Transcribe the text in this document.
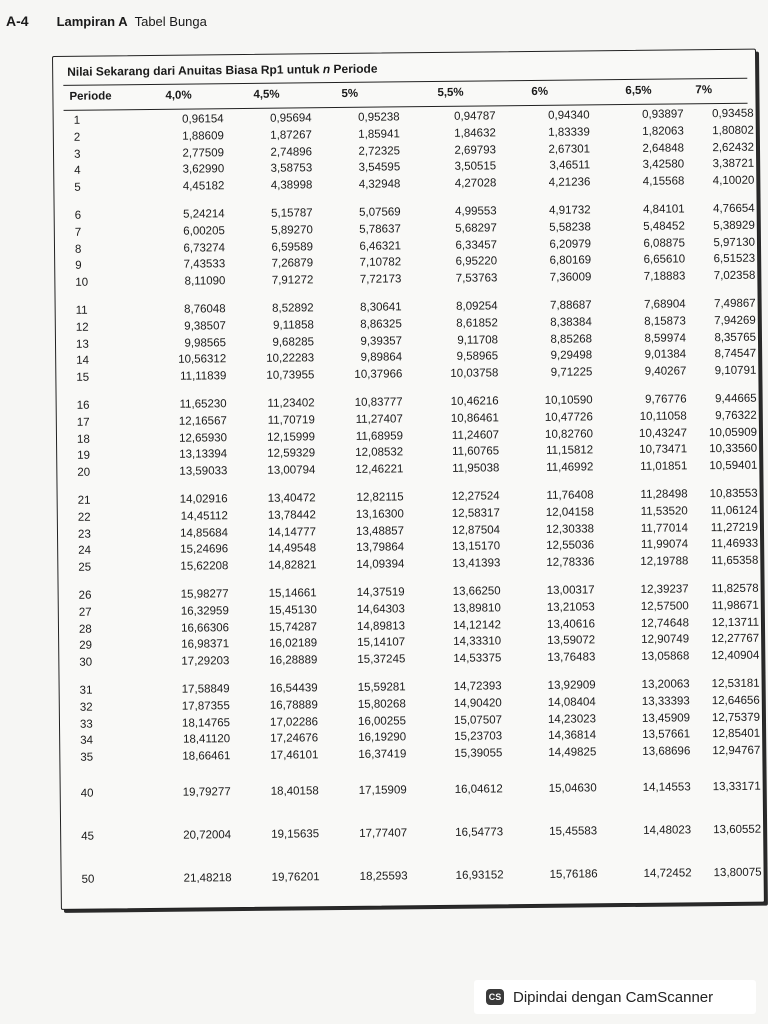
A-4 Lampiran A Tabel Bunga
Nilai Sekarang dari Anuitas Biasa Rp1 untuk n Periode
Periode	4,0%	4,5%	5%	5,5%	6%	6,5%	7%
1	0,96154	0,95694	0,95238	0,94787	0,94340	0,93897	0,93458
2	1,88609	1,87267	1,85941	1,84632	1,83339	1,82063	1,80802
3	2,77509	2,74896	2,72325	2,69793	2,67301	2,64848	2,62432
4	3,62990	3,58753	3,54595	3,50515	3,46511	3,42580	3,38721
5	4,45182	4,38998	4,32948	4,27028	4,21236	4,15568	4,10020
6	5,24214	5,15787	5,07569	4,99553	4,91732	4,84101	4,76654
7	6,00205	5,89270	5,78637	5,68297	5,58238	5,48452	5,38929
8	6,73274	6,59589	6,46321	6,33457	6,20979	6,08875	5,97130
9	7,43533	7,26879	7,10782	6,95220	6,80169	6,65610	6,51523
10	8,11090	7,91272	7,72173	7,53763	7,36009	7,18883	7,02358
11	8,76048	8,52892	8,30641	8,09254	7,88687	7,68904	7,49867
12	9,38507	9,11858	8,86325	8,61852	8,38384	8,15873	7,94269
13	9,98565	9,68285	9,39357	9,11708	8,85268	8,59974	8,35765
14	10,56312	10,22283	9,89864	9,58965	9,29498	9,01384	8,74547
15	11,11839	10,73955	10,37966	10,03758	9,71225	9,40267	9,10791
16	11,65230	11,23402	10,83777	10,46216	10,10590	9,76776	9,44665
17	12,16567	11,70719	11,27407	10,86461	10,47726	10,11058	9,76322
18	12,65930	12,15999	11,68959	11,24607	10,82760	10,43247	10,05909
19	13,13394	12,59329	12,08532	11,60765	11,15812	10,73471	10,33560
20	13,59033	13,00794	12,46221	11,95038	11,46992	11,01851	10,59401
21	14,02916	13,40472	12,82115	12,27524	11,76408	11,28498	10,83553
22	14,45112	13,78442	13,16300	12,58317	12,04158	11,53520	11,06124
23	14,85684	14,14777	13,48857	12,87504	12,30338	11,77014	11,27219
24	15,24696	14,49548	13,79864	13,15170	12,55036	11,99074	11,46933
25	15,62208	14,82821	14,09394	13,41393	12,78336	12,19788	11,65358
26	15,98277	15,14661	14,37519	13,66250	13,00317	12,39237	11,82578
27	16,32959	15,45130	14,64303	13,89810	13,21053	12,57500	11,98671
28	16,66306	15,74287	14,89813	14,12142	13,40616	12,74648	12,13711
29	16,98371	16,02189	15,14107	14,33310	13,59072	12,90749	12,27767
30	17,29203	16,28889	15,37245	14,53375	13,76483	13,05868	12,40904
31	17,58849	16,54439	15,59281	14,72393	13,92909	13,20063	12,53181
32	17,87355	16,78889	15,80268	14,90420	14,08404	13,33393	12,64656
33	18,14765	17,02286	16,00255	15,07507	14,23023	13,45909	12,75379
34	18,41120	17,24676	16,19290	15,23703	14,36814	13,57661	12,85401
35	18,66461	17,46101	16,37419	15,39055	14,49825	13,68696	12,94767
40	19,79277	18,40158	17,15909	16,04612	15,04630	14,14553	13,33171
45	20,72004	19,15635	17,77407	16,54773	15,45583	14,48023	13,60552
50	21,48218	19,76201	18,25593	16,93152	15,76186	14,72452	13,80075
CS Dipindai dengan CamScanner
